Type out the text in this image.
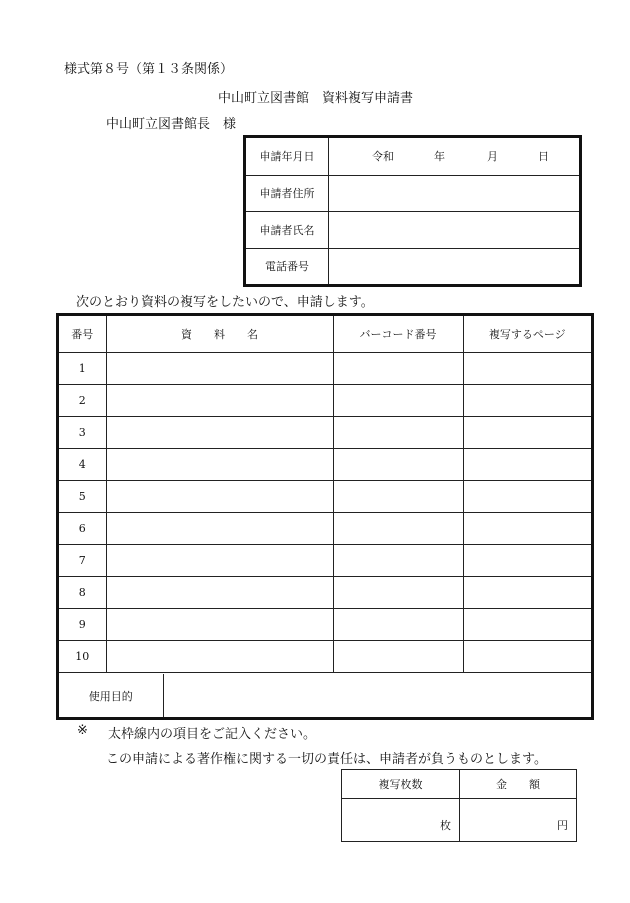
様式第８号（第１３条関係）
中山町立図書館　資料複写申請書
中山町立図書館長　様
申請年月日	令和 年 月 日

申請者住所	
申請者氏名	
電話番号	
次のとおり資料の複写をしたいので、申請します。
番号	資　　料　　名	バーコード番号	複写するページ
1			
2			
3			
4			
5			
6			
7			
8			
9			
10			
使用目的	
※ 太枠線内の項目をご記入ください。
この申請による著作権に関する一切の責任は、申請者が負うものとします。
複写枚数	金　　額
枚	円
